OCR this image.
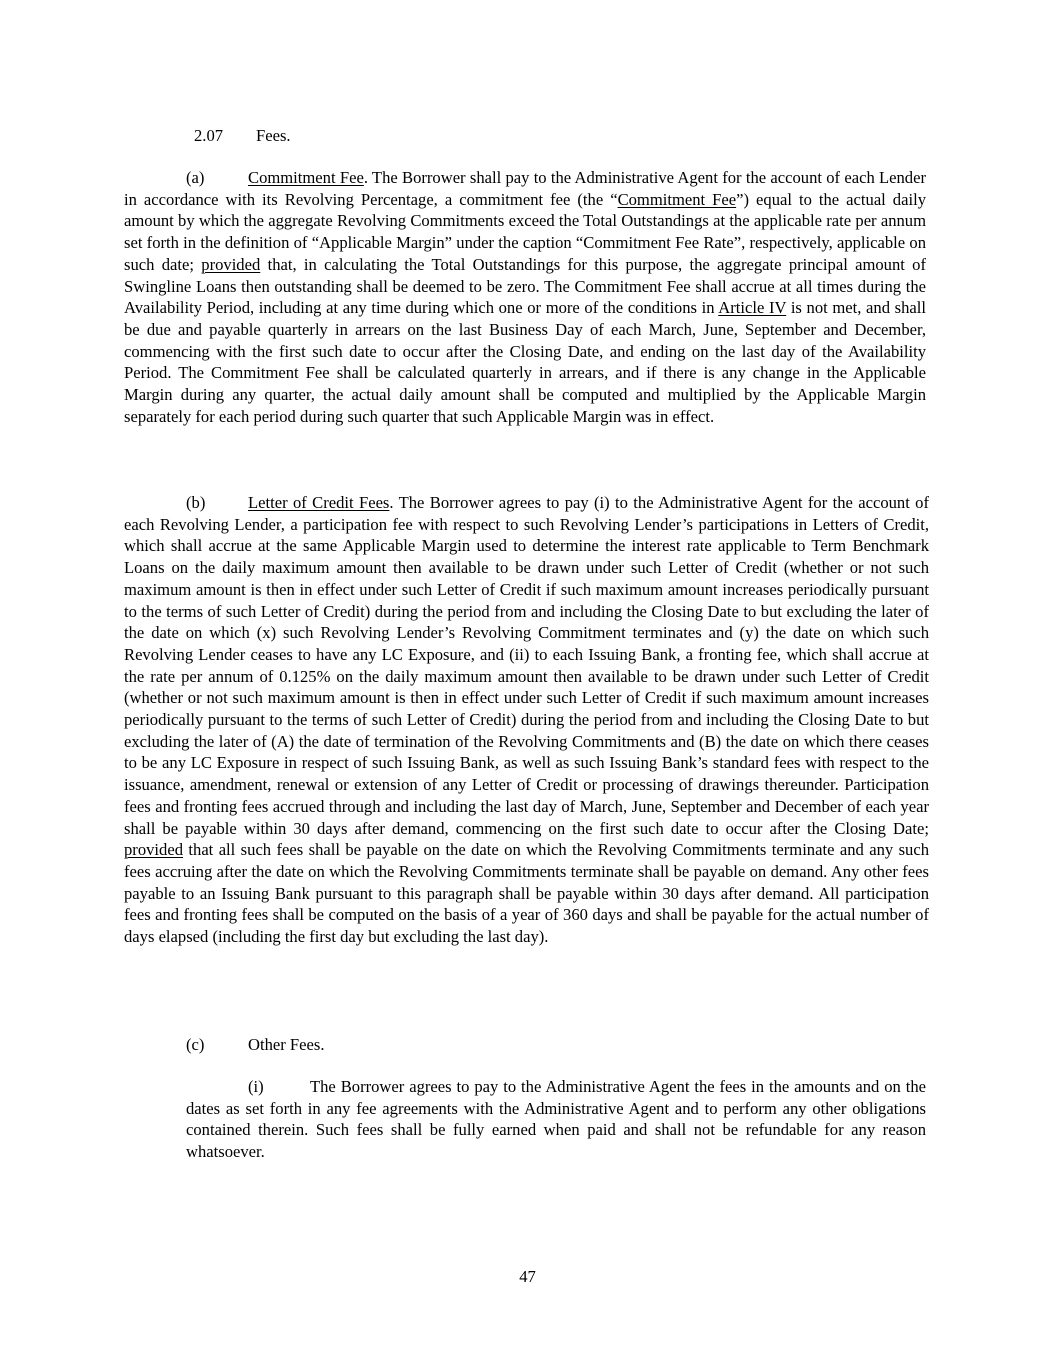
2.07 Fees.
(a)	Commitment Fee. The Borrower shall pay to the Administrative Agent for the account of each Lender in accordance with its Revolving Percentage, a commitment fee (the “Commitment Fee”) equal to the actual daily amount by which the aggregate Revolving Commitments exceed the Total Outstandings at the applicable rate per annum set forth in the definition of “Applicable Margin” under the caption “Commitment Fee Rate”, respectively, applicable on such date; provided that, in calculating the Total Outstandings for this purpose, the aggregate principal amount of Swingline Loans then outstanding shall be deemed to be zero. The Commitment Fee shall accrue at all times during the Availability Period, including at any time during which one or more of the conditions in Article IV is not met, and shall be due and payable quarterly in arrears on the last Business Day of each March, June, September and December, commencing with the first such date to occur after the Closing Date, and ending on the last day of the Availability Period. The Commitment Fee shall be calculated quarterly in arrears, and if there is any change in the Applicable Margin during any quarter, the actual daily amount shall be computed and multiplied by the Applicable Margin separately for each period during such quarter that such Applicable Margin was in effect.
(b)	Letter of Credit Fees. The Borrower agrees to pay (i) to the Administrative Agent for the account of each Revolving Lender, a participation fee with respect to such Revolving Lender’s participations in Letters of Credit, which shall accrue at the same Applicable Margin used to determine the interest rate applicable to Term Benchmark Loans on the daily maximum amount then available to be drawn under such Letter of Credit (whether or not such maximum amount is then in effect under such Letter of Credit if such maximum amount increases periodically pursuant to the terms of such Letter of Credit) during the period from and including the Closing Date to but excluding the later of the date on which (x) such Revolving Lender’s Revolving Commitment terminates and (y) the date on which such Revolving Lender ceases to have any LC Exposure, and (ii) to each Issuing Bank, a fronting fee, which shall accrue at the rate per annum of 0.125% on the daily maximum amount then available to be drawn under such Letter of Credit (whether or not such maximum amount is then in effect under such Letter of Credit if such maximum amount increases periodically pursuant to the terms of such Letter of Credit) during the period from and including the Closing Date to but excluding the later of (A) the date of termination of the Revolving Commitments and (B) the date on which there ceases to be any LC Exposure in respect of such Issuing Bank, as well as such Issuing Bank’s standard fees with respect to the issuance, amendment, renewal or extension of any Letter of Credit or processing of drawings thereunder. Participation fees and fronting fees accrued through and including the last day of March, June, September and December of each year shall be payable within 30 days after demand, commencing on the first such date to occur after the Closing Date; provided that all such fees shall be payable on the date on which the Revolving Commitments terminate and any such fees accruing after the date on which the Revolving Commitments terminate shall be payable on demand. Any other fees payable to an Issuing Bank pursuant to this paragraph shall be payable within 30 days after demand. All participation fees and fronting fees shall be computed on the basis of a year of 360 days and shall be payable for the actual number of days elapsed (including the first day but excluding the last day).
(c)	Other Fees.
(i)	The Borrower agrees to pay to the Administrative Agent the fees in the amounts and on the dates as set forth in any fee agreements with the Administrative Agent and to perform any other obligations contained therein. Such fees shall be fully earned when paid and shall not be refundable for any reason whatsoever.
47
